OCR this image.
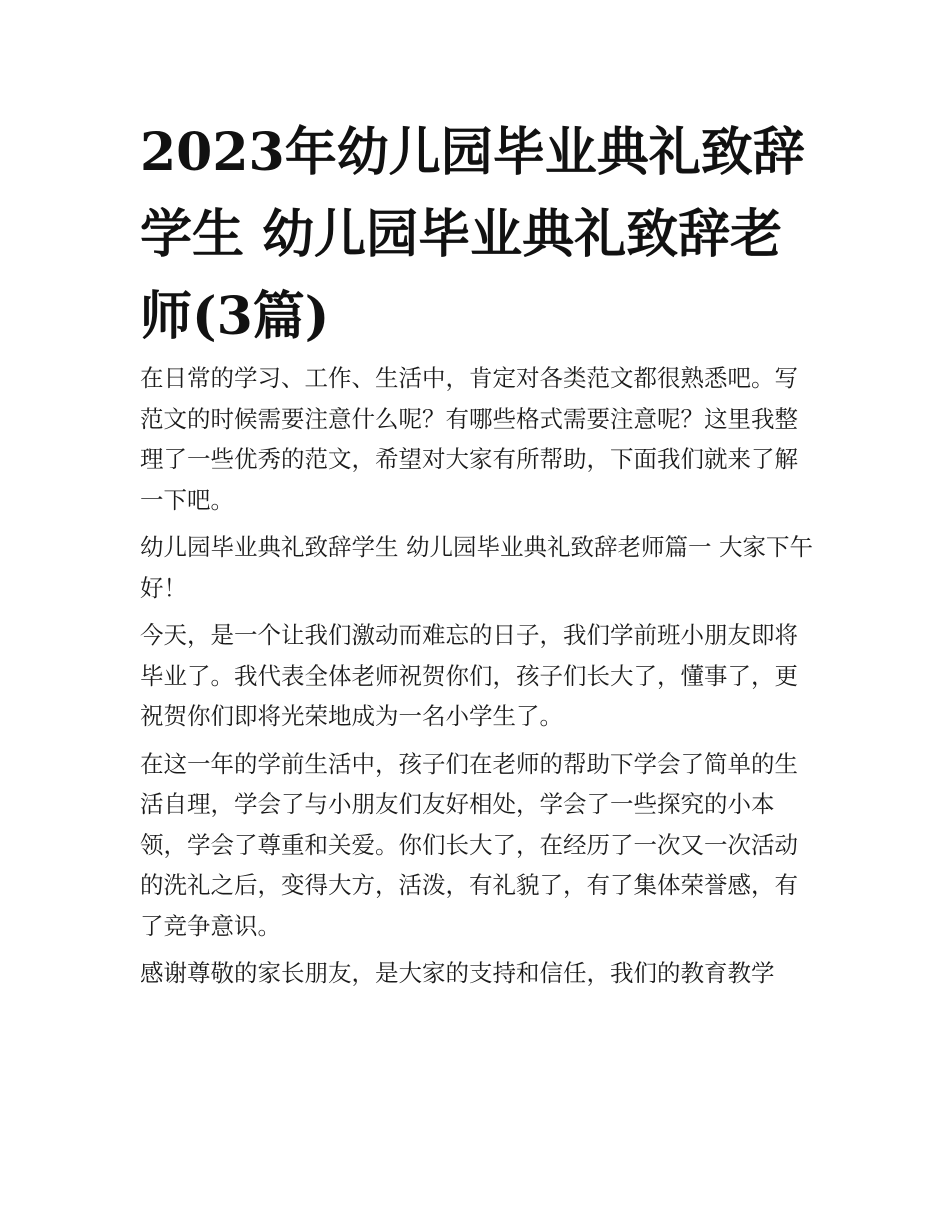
2023年幼儿园毕业典礼致辞学生 幼儿园毕业典礼致辞老师(3篇)

在日常的学习、工作、生活中，肯定对各类范文都很熟悉吧。写范文的时候需要注意什么呢？有哪些格式需要注意呢？这里我整理了一些优秀的范文，希望对大家有所帮助，下面我们就来了解一下吧。

幼儿园毕业典礼致辞学生 幼儿园毕业典礼致辞老师篇一 大家下午好！

今天，是一个让我们激动而难忘的日子，我们学前班小朋友即将毕业了。我代表全体老师祝贺你们，孩子们长大了，懂事了，更祝贺你们即将光荣地成为一名小学生了。

在这一年的学前生活中，孩子们在老师的帮助下学会了简单的生活自理，学会了与小朋友们友好相处，学会了一些探究的小本领，学会了尊重和关爱。你们长大了，在经历了一次又一次活动的洗礼之后，变得大方，活泼，有礼貌了，有了集体荣誉感，有了竞争意识。

感谢尊敬的家长朋友，是大家的支持和信任，我们的教育教学
